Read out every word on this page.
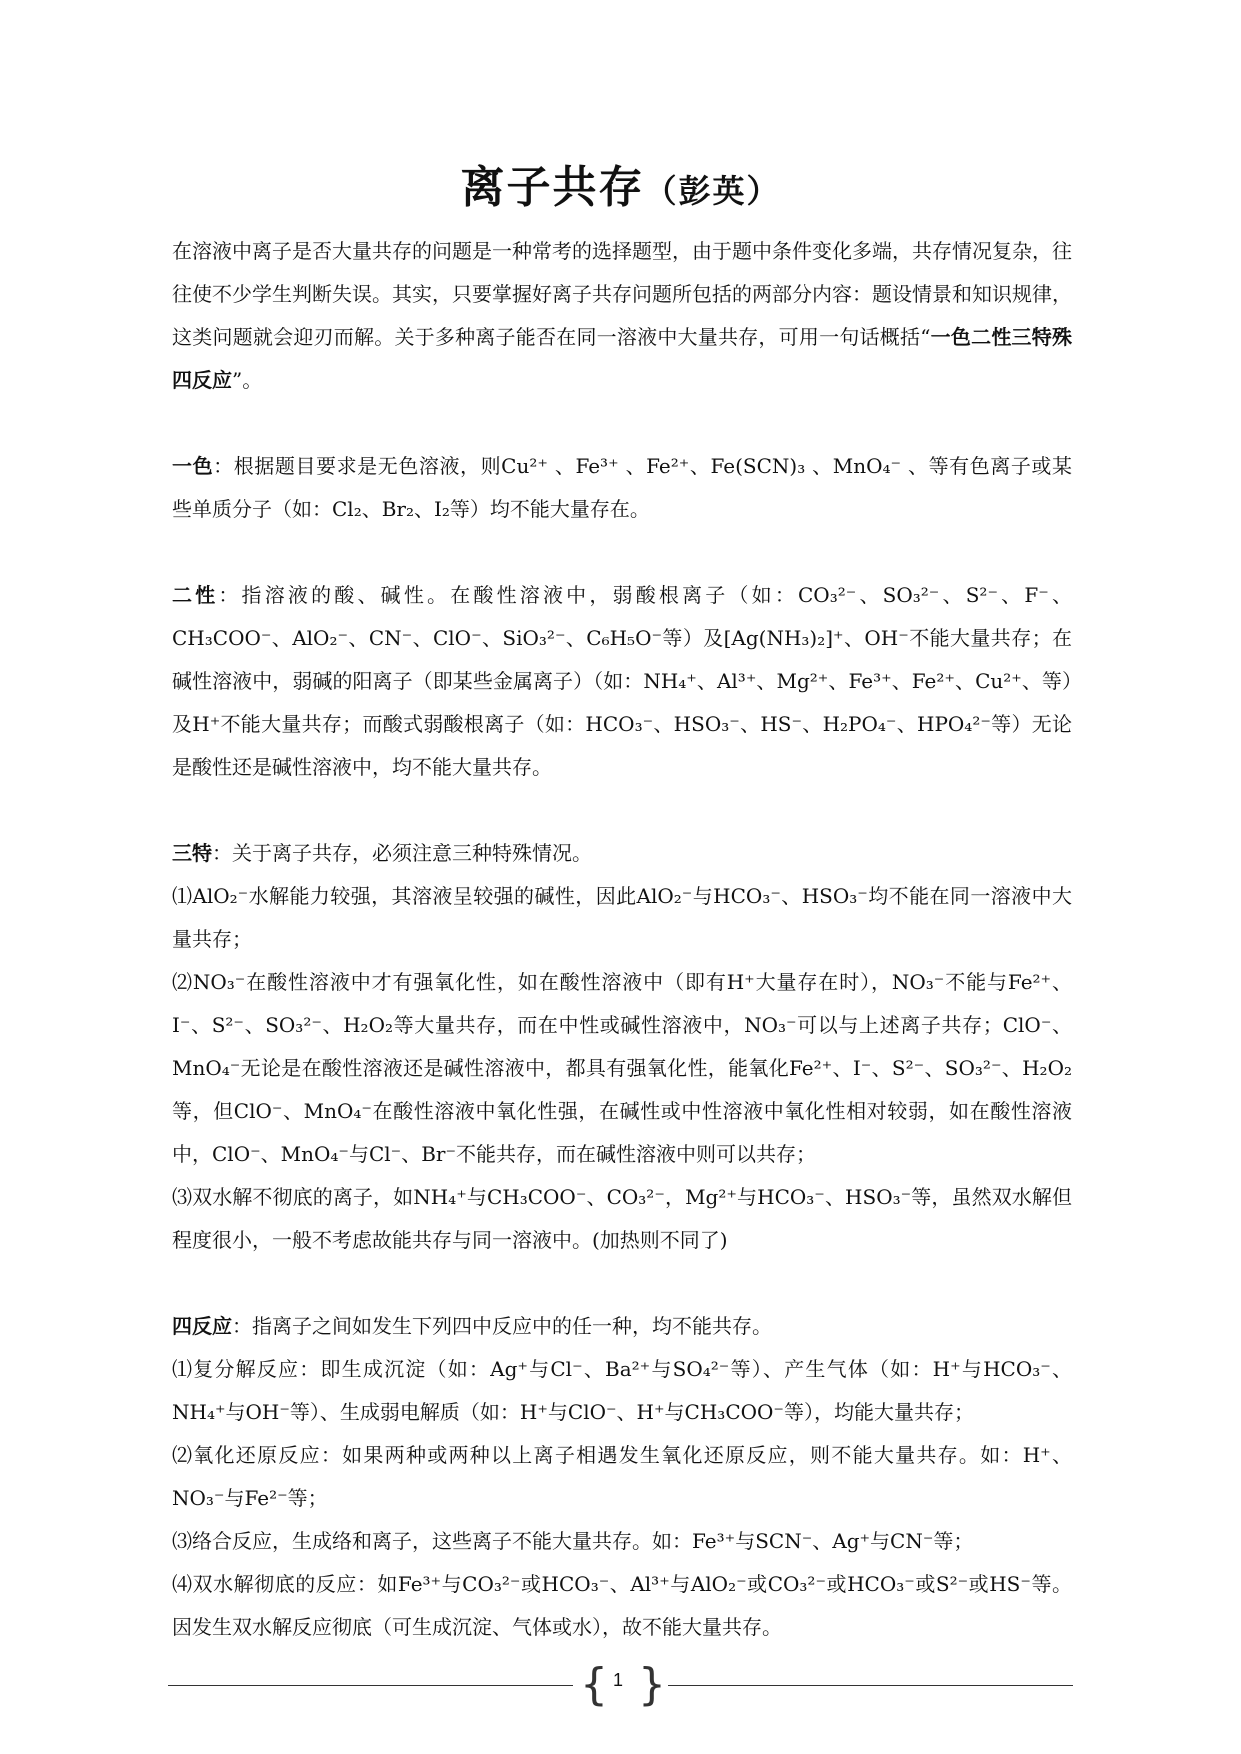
离子共存（彭英）

在溶液中离子是否大量共存的问题是一种常考的选择题型，由于题中条件变化多端，共存情况复杂，往往使不少学生判断失误。其实，只要掌握好离子共存问题所包括的两部分内容：题设情景和知识规律，这类问题就会迎刃而解。关于多种离子能否在同一溶液中大量共存，可用一句话概括“一色二性三特殊四反应”。

一色：根据题目要求是无色溶液，则Cu²⁺ 、Fe³⁺ 、Fe²⁺、Fe(SCN)₃ 、MnO₄⁻ 、等有色离子或某些单质分子（如：Cl₂、Br₂、I₂等）均不能大量存在。

二性：指溶液的酸、碱性。在酸性溶液中，弱酸根离子（如：CO₃²⁻、SO₃²⁻、S²⁻、F⁻、CH₃COO⁻、AlO₂⁻、CN⁻、ClO⁻、SiO₃²⁻、C₆H₅O⁻等）及[Ag(NH₃)₂]⁺、OH⁻不能大量共存；在碱性溶液中，弱碱的阳离子（即某些金属离子）（如：NH₄⁺、Al³⁺、Mg²⁺、Fe³⁺、Fe²⁺、Cu²⁺、等）及H⁺不能大量共存；而酸式弱酸根离子（如：HCO₃⁻、HSO₃⁻、HS⁻、H₂PO₄⁻、HPO₄²⁻等）无论是酸性还是碱性溶液中，均不能大量共存。

三特：关于离子共存，必须注意三种特殊情况。

⑴AlO₂⁻水解能力较强，其溶液呈较强的碱性，因此AlO₂⁻与HCO₃⁻、HSO₃⁻均不能在同一溶液中大量共存；

⑵NO₃⁻在酸性溶液中才有强氧化性，如在酸性溶液中（即有H⁺大量存在时），NO₃⁻不能与Fe²⁺、I⁻、S²⁻、SO₃²⁻、H₂O₂等大量共存，而在中性或碱性溶液中，NO₃⁻可以与上述离子共存；ClO⁻、MnO₄⁻无论是在酸性溶液还是碱性溶液中，都具有强氧化性，能氧化Fe²⁺、I⁻、S²⁻、SO₃²⁻、H₂O₂等，但ClO⁻、MnO₄⁻在酸性溶液中氧化性强，在碱性或中性溶液中氧化性相对较弱，如在酸性溶液中，ClO⁻、MnO₄⁻与Cl⁻、Br⁻不能共存，而在碱性溶液中则可以共存；

⑶双水解不彻底的离子，如NH₄⁺与CH₃COO⁻、CO₃²⁻，Mg²⁺与HCO₃⁻、HSO₃⁻等，虽然双水解但程度很小，一般不考虑故能共存与同一溶液中。(加热则不同了)

四反应：指离子之间如发生下列四中反应中的任一种，均不能共存。

⑴复分解反应：即生成沉淀（如：Ag⁺与Cl⁻、Ba²⁺与SO₄²⁻等）、产生气体（如：H⁺与HCO₃⁻、NH₄⁺与OH⁻等）、生成弱电解质（如：H⁺与ClO⁻、H⁺与CH₃COO⁻等），均能大量共存；

⑵氧化还原反应：如果两种或两种以上离子相遇发生氧化还原反应，则不能大量共存。如：H⁺、NO₃⁻与Fe²⁻等；

⑶络合反应，生成络和离子，这些离子不能大量共存。如：Fe³⁺与SCN⁻、Ag⁺与CN⁻等；

⑷双水解彻底的反应：如Fe³⁺与CO₃²⁻或HCO₃⁻、Al³⁺与AlO₂⁻或CO₃²⁻或HCO₃⁻或S²⁻或HS⁻等。因发生双水解反应彻底（可生成沉淀、气体或水），故不能大量共存。

{ 1 }
